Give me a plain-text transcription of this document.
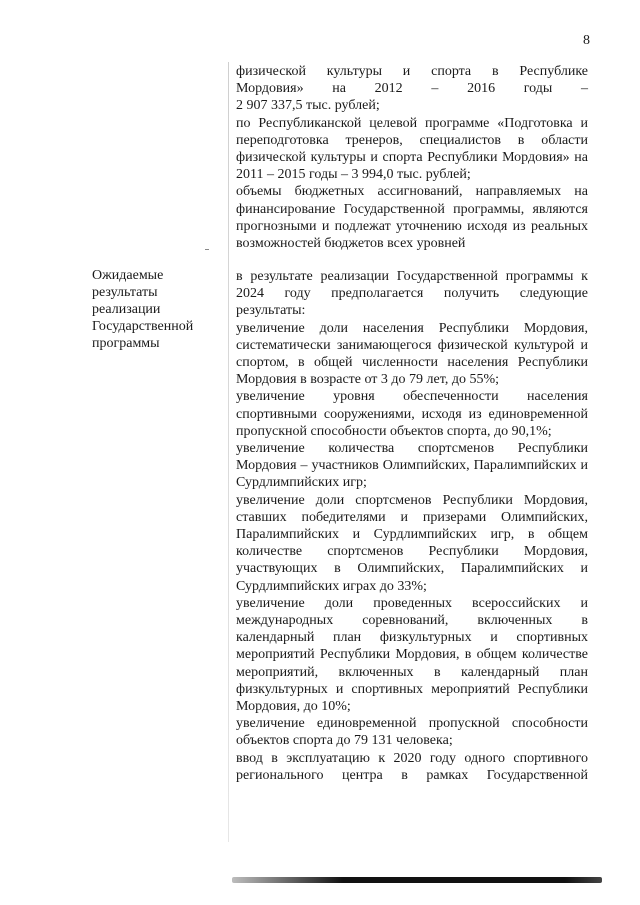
8

физической культуры и спорта в Республике

Мордовия» на 2012 – 2016 годы –

2 907 337,5 тыс. рублей;

по Республиканской целевой программе «Подготовка и переподготовка тренеров, специалистов в области физической культуры и спорта Республики Мордовия» на 2011 – 2015 годы – 3 994,0 тыс. рублей;

объемы бюджетных ассигнований, направляемых на финансирование Государственной программы, являются прогнозными и подлежат уточнению исходя из реальных возможностей бюджетов всех уровней

Ожидаемые
результаты
реализации
Государственной
программы

в результате реализации Государственной программы к 2024 году предполагается получить следующие результаты:

увеличение доли населения Республики Мордовия, систематически занимающегося физической культурой и спортом, в общей численности населения Республики Мордовия в возрасте от 3 до 79 лет, до 55%;

увеличение уровня обеспеченности населения спортивными сооружениями, исходя из единовременной пропускной способности объектов спорта, до 90,1%;

увеличение количества спортсменов Республики Мордовия – участников Олимпийских, Паралимпийских и Сурдлимпийских игр;

увеличение доли спортсменов Республики Мордовия, ставших победителями и призерами Олимпийских, Паралимпийских и Сурдлимпийских игр, в общем количестве спортсменов Республики Мордовия, участвующих в Олимпийских, Паралимпийских и Сурдлимпийских играх до 33%;

увеличение доли проведенных всероссийских и международных соревнований, включенных в календарный план физкультурных и спортивных мероприятий Республики Мордовия, в общем количестве мероприятий, включенных в календарный план физкультурных и спортивных мероприятий Республики Мордовия, до 10%;

увеличение единовременной пропускной способности объектов спорта до 79 131 человека;

ввод в эксплуатацию к 2020 году одного спортивного регионального центра в рамках Государственной
